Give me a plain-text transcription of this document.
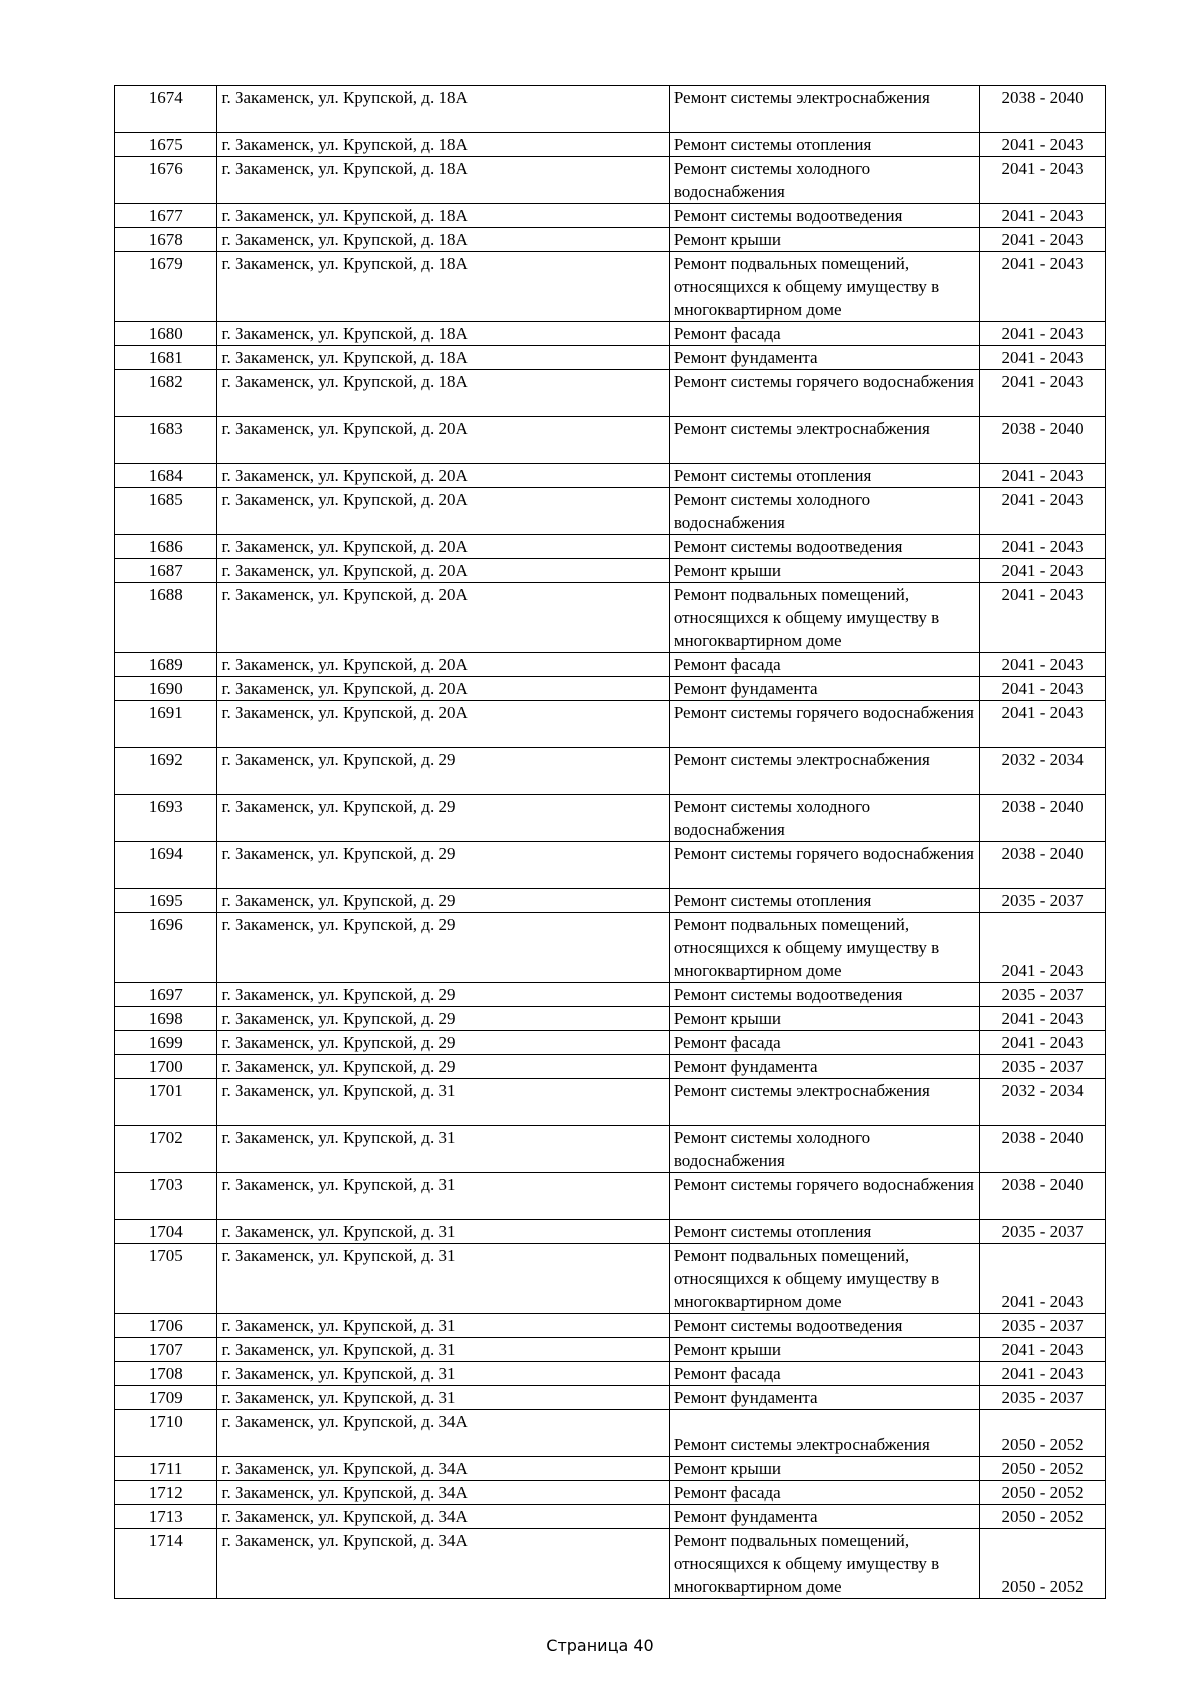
1674	г. Закаменск, ул. Крупской, д. 18А	Ремонт системы электроснабжения	2038 - 2040
1675	г. Закаменск, ул. Крупской, д. 18А	Ремонт системы отопления	2041 - 2043
1676	г. Закаменск, ул. Крупской, д. 18А	Ремонт системы холодного водоснабжения	2041 - 2043
1677	г. Закаменск, ул. Крупской, д. 18А	Ремонт системы водоотведения	2041 - 2043
1678	г. Закаменск, ул. Крупской, д. 18А	Ремонт крыши	2041 - 2043
1679	г. Закаменск, ул. Крупской, д. 18А	Ремонт подвальных помещений, относящихся к общему имуществу в многоквартирном доме	2041 - 2043
1680	г. Закаменск, ул. Крупской, д. 18А	Ремонт фасада	2041 - 2043
1681	г. Закаменск, ул. Крупской, д. 18А	Ремонт фундамента	2041 - 2043
1682	г. Закаменск, ул. Крупской, д. 18А	Ремонт системы горячего водоснабжения	2041 - 2043
1683	г. Закаменск, ул. Крупской, д. 20А	Ремонт системы электроснабжения	2038 - 2040
1684	г. Закаменск, ул. Крупской, д. 20А	Ремонт системы отопления	2041 - 2043
1685	г. Закаменск, ул. Крупской, д. 20А	Ремонт системы холодного водоснабжения	2041 - 2043
1686	г. Закаменск, ул. Крупской, д. 20А	Ремонт системы водоотведения	2041 - 2043
1687	г. Закаменск, ул. Крупской, д. 20А	Ремонт крыши	2041 - 2043
1688	г. Закаменск, ул. Крупской, д. 20А	Ремонт подвальных помещений, относящихся к общему имуществу в многоквартирном доме	2041 - 2043
1689	г. Закаменск, ул. Крупской, д. 20А	Ремонт фасада	2041 - 2043
1690	г. Закаменск, ул. Крупской, д. 20А	Ремонт фундамента	2041 - 2043
1691	г. Закаменск, ул. Крупской, д. 20А	Ремонт системы горячего водоснабжения	2041 - 2043
1692	г. Закаменск, ул. Крупской, д. 29	Ремонт системы электроснабжения	2032 - 2034
1693	г. Закаменск, ул. Крупской, д. 29	Ремонт системы холодного водоснабжения	2038 - 2040
1694	г. Закаменск, ул. Крупской, д. 29	Ремонт системы горячего водоснабжения	2038 - 2040
1695	г. Закаменск, ул. Крупской, д. 29	Ремонт системы отопления	2035 - 2037
1696	г. Закаменск, ул. Крупской, д. 29	Ремонт подвальных помещений, относящихся к общему имуществу в многоквартирном доме	2041 - 2043
1697	г. Закаменск, ул. Крупской, д. 29	Ремонт системы водоотведения	2035 - 2037
1698	г. Закаменск, ул. Крупской, д. 29	Ремонт крыши	2041 - 2043
1699	г. Закаменск, ул. Крупской, д. 29	Ремонт фасада	2041 - 2043
1700	г. Закаменск, ул. Крупской, д. 29	Ремонт фундамента	2035 - 2037
1701	г. Закаменск, ул. Крупской, д. 31	Ремонт системы электроснабжения	2032 - 2034
1702	г. Закаменск, ул. Крупской, д. 31	Ремонт системы холодного водоснабжения	2038 - 2040
1703	г. Закаменск, ул. Крупской, д. 31	Ремонт системы горячего водоснабжения	2038 - 2040
1704	г. Закаменск, ул. Крупской, д. 31	Ремонт системы отопления	2035 - 2037
1705	г. Закаменск, ул. Крупской, д. 31	Ремонт подвальных помещений, относящихся к общему имуществу в многоквартирном доме	2041 - 2043
1706	г. Закаменск, ул. Крупской, д. 31	Ремонт системы водоотведения	2035 - 2037
1707	г. Закаменск, ул. Крупской, д. 31	Ремонт крыши	2041 - 2043
1708	г. Закаменск, ул. Крупской, д. 31	Ремонт фасада	2041 - 2043
1709	г. Закаменск, ул. Крупской, д. 31	Ремонт фундамента	2035 - 2037
1710	г. Закаменск, ул. Крупской, д. 34А	Ремонт системы электроснабжения	2050 - 2052
1711	г. Закаменск, ул. Крупской, д. 34А	Ремонт крыши	2050 - 2052
1712	г. Закаменск, ул. Крупской, д. 34А	Ремонт фасада	2050 - 2052
1713	г. Закаменск, ул. Крупской, д. 34А	Ремонт фундамента	2050 - 2052
1714	г. Закаменск, ул. Крупской, д. 34А	Ремонт подвальных помещений, относящихся к общему имуществу в многоквартирном доме	2050 - 2052
Страница 40
